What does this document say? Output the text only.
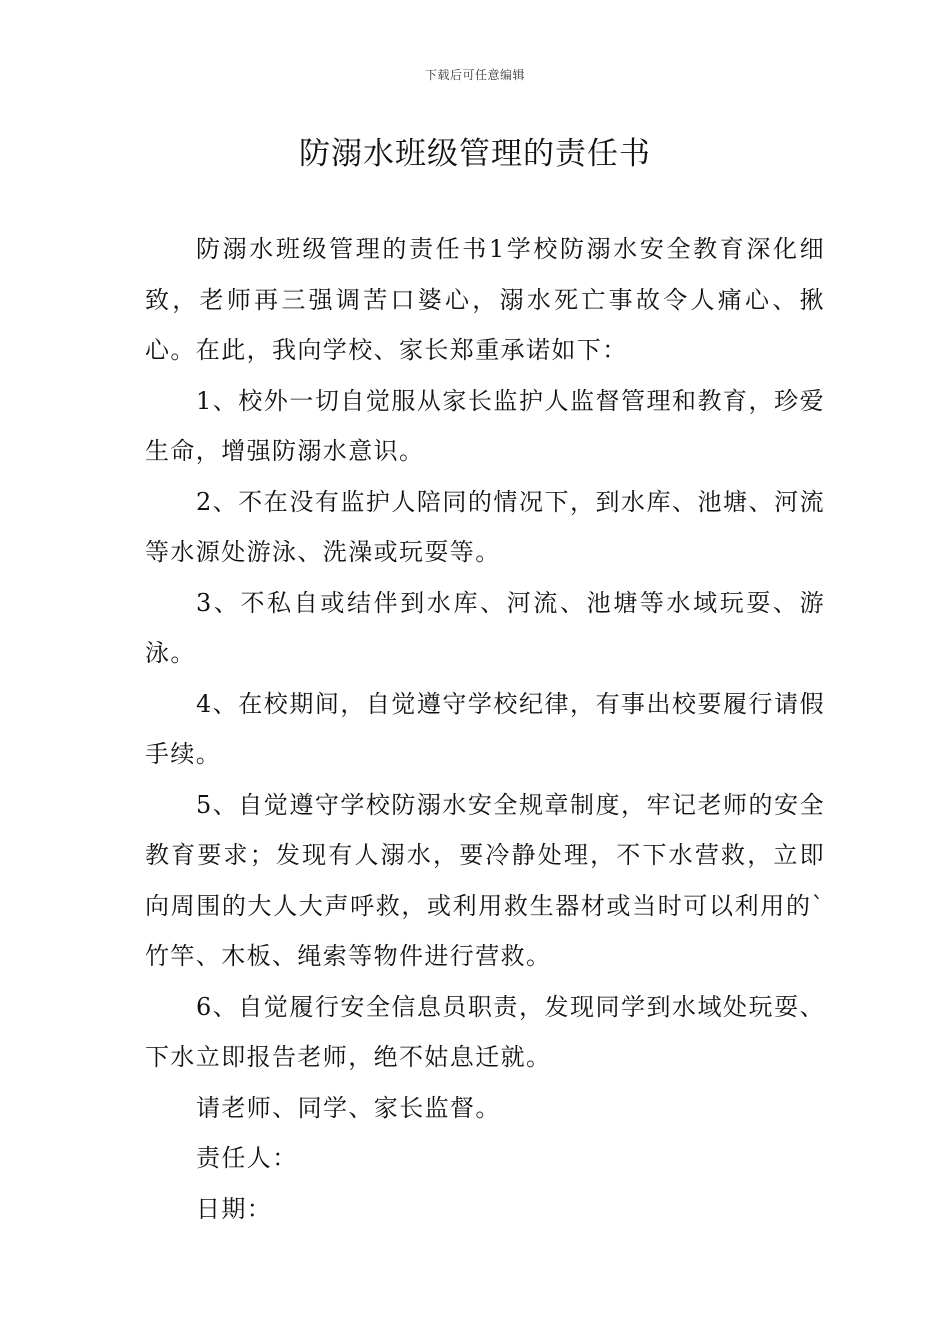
下载后可任意编辑
防溺水班级管理的责任书

防溺水班级管理的责任书1学校防溺水安全教育深化细致，老师再三强调苦口婆心，溺水死亡事故令人痛心、揪心。在此，我向学校、家长郑重承诺如下：

1、校外一切自觉服从家长监护人监督管理和教育，珍爱生命，增强防溺水意识。

2、不在没有监护人陪同的情况下，到水库、池塘、河流等水源处游泳、洗澡或玩耍等。

3、不私自或结伴到水库、河流、池塘等水域玩耍、游泳。

4、在校期间，自觉遵守学校纪律，有事出校要履行请假手续。

5、自觉遵守学校防溺水安全规章制度，牢记老师的安全教育要求；发现有人溺水，要冷静处理，不下水营救，立即向周围的大人大声呼救，或利用救生器材或当时可以利用的`竹竿、木板、绳索等物件进行营救。

6、自觉履行安全信息员职责，发现同学到水域处玩耍、下水立即报告老师，绝不姑息迁就。

请老师、同学、家长监督。

责任人：

日期：
